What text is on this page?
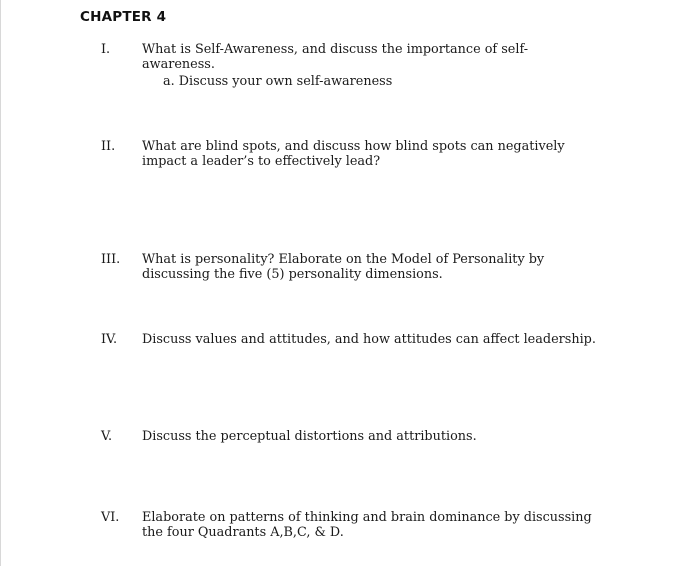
CHAPTER 4
I. What is Self-Awareness, and discuss the importance of self-
awareness.
a. Discuss your own self-awareness
II. What are blind spots, and discuss how blind spots can negatively
impact a leader’s to effectively lead?
III. What is personality? Elaborate on the Model of Personality by
discussing the five (5) personality dimensions.
IV. Discuss values and attitudes, and how attitudes can affect leadership.
V. Discuss the perceptual distortions and attributions.
VI. Elaborate on patterns of thinking and brain dominance by discussing
the four Quadrants A,B,C, & D.
